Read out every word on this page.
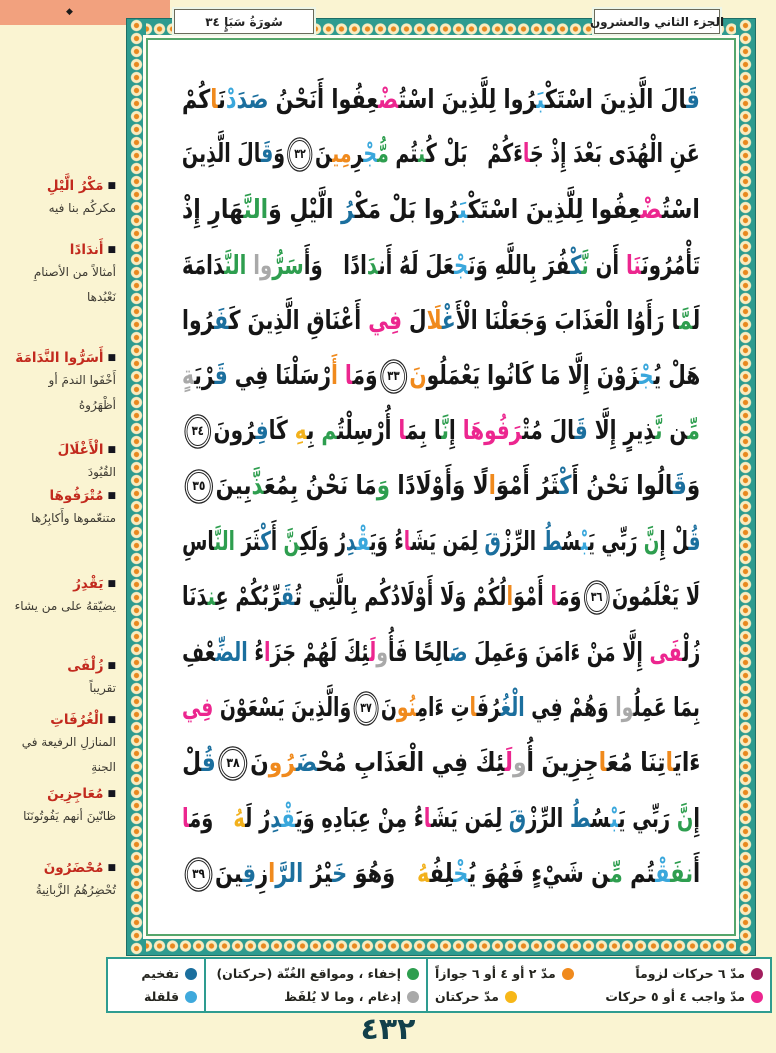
◆
قَالَ الَّذِينَ اسْتَكْبَرُوا لِلَّذِينَ اسْتُضْعِفُوا أَنَحْنُ صَدَدْنَاكُمْ
عَنِ الْهُدَى بَعْدَ إِذْ جَاءَكُمْ   بَلْ كُنتُم مُّجْرِمِينَ٣٢وَقَالَ الَّذِينَ
اسْتُضْعِفُوا لِلَّذِينَ اسْتَكْبَرُوا بَلْ مَكْرُ الَّيْلِ وَالنَّهَارِ إِذْ
تَأْمُرُونَنَا أَن نَّكْفُرَ بِاللَّهِ وَنَجْعَلَ لَهُ أَندَادًا   وَأَسَرُّوا النَّدَامَةَ
لَمَّا رَأَوُا الْعَذَابَ وَجَعَلْنَا الْأَغْلَالَ فِي أَعْنَاقِ الَّذِينَ كَفَرُوا
هَلْ يُجْزَوْنَ إِلَّا مَا كَانُوا يَعْمَلُونَ٣٣وَمَا أَرْسَلْنَا فِي قَرْيَةٍ
مِّن نَّذِيرٍ إِلَّا قَالَ مُتْرَفُوهَا إِنَّا بِمَا أُرْسِلْتُم بِهِ كَافِرُونَ٣٤
وَقَالُوا نَحْنُ أَكْثَرُ أَمْوَالًا وَأَوْلَدًا وَمَا نَحْنُ بِمُعَذَّبِينَ٣٥
قُلْ إِنَّ رَبِّي يَبْسُطُ الرِّزْقَ لِمَن يَشَاءُ وَيَقْدِرُ وَلَكِنَّ أَكْثَرَ النَّاسِ
لَا يَعْلَمُونَ٣٦وَمَا أَمْوَالُكُمْ وَلَ أَوْلَدُكُم بِالَّتِي تُقَرِّبُكُمْ عِندَنَا
زُلْفَى إِلَّا مَنْ ءَامَنَ وَعَمِلَ صَالِحًا فَأُولَئِكَ لَهُمْ جَزَاءُ الضِّعْفِ
بِمَا عَمِلُوا وَهُمْ فِي الْغُرُفَاتِ ءَامِنُونَ٣٧وَالَّذِينَ يَسْعَوْنَ فِي
ءَايَاتِنَا مُعَاجِزِينَ أُولَئِكَ فِي الْعَذَابِ مُحْضَرُونَ٣٨قُلْ
إِنَّ رَبِّي يَبْسُطُ الرِّزْقَ لِمَن يَشَاءُ مِنْ عِبَادِهِ وَيَقْدِرُ لَهُ   وَمَا
أَنفَقْتُم مِّن شَيْءٍ فَهُوَ يُخْلِفُهُ   وَهُوَ خَيْرُ الرَّازِقِينَ٣٩
سُورَةُ سَبَإٍ ٣٤	الجزء الثاني والعشرون
■مَكْرُ الَّيْلِ
مكركُم بنا فيه
■أَندَادًا
أمثالاً من الأصنامِ نَعْبُدها
■أَسَرُّوا النَّدَامَةَ
أَخْفَوا الندمَ أو أظْهَرُوهُ
■الْأَغْلَالَ
القُيُودَ
■مُتْرَفُوهَا
متنعّموها وأَكابِرُها
■يَقْدِرُ
يضيّقهُ على من يشاء
■زُلْفَى
تقريباً
■الْغُرُفَاتِ
المنازلِ الرفيعة في الجنةِ
■مُعَاجِزِينَ
ظانّينَ أنهم يَفُوتُونَنَا
■مُحْضَرُونَ
تُحْضِرُهُمُ الزَّبانِيةُ
مدّ ٦ حركات لزوماً
مدّ ٢ أو ٤ أو ٦ جوازاً
مدّ واجب ٤ أو ٥ حركات
مدّ حركتان
إخفاء ، ومواقع الغُنّة (حركتان)
إدغام ، وما لا يُلفَظ
تفخيم
قلقلة
٤٣٢
